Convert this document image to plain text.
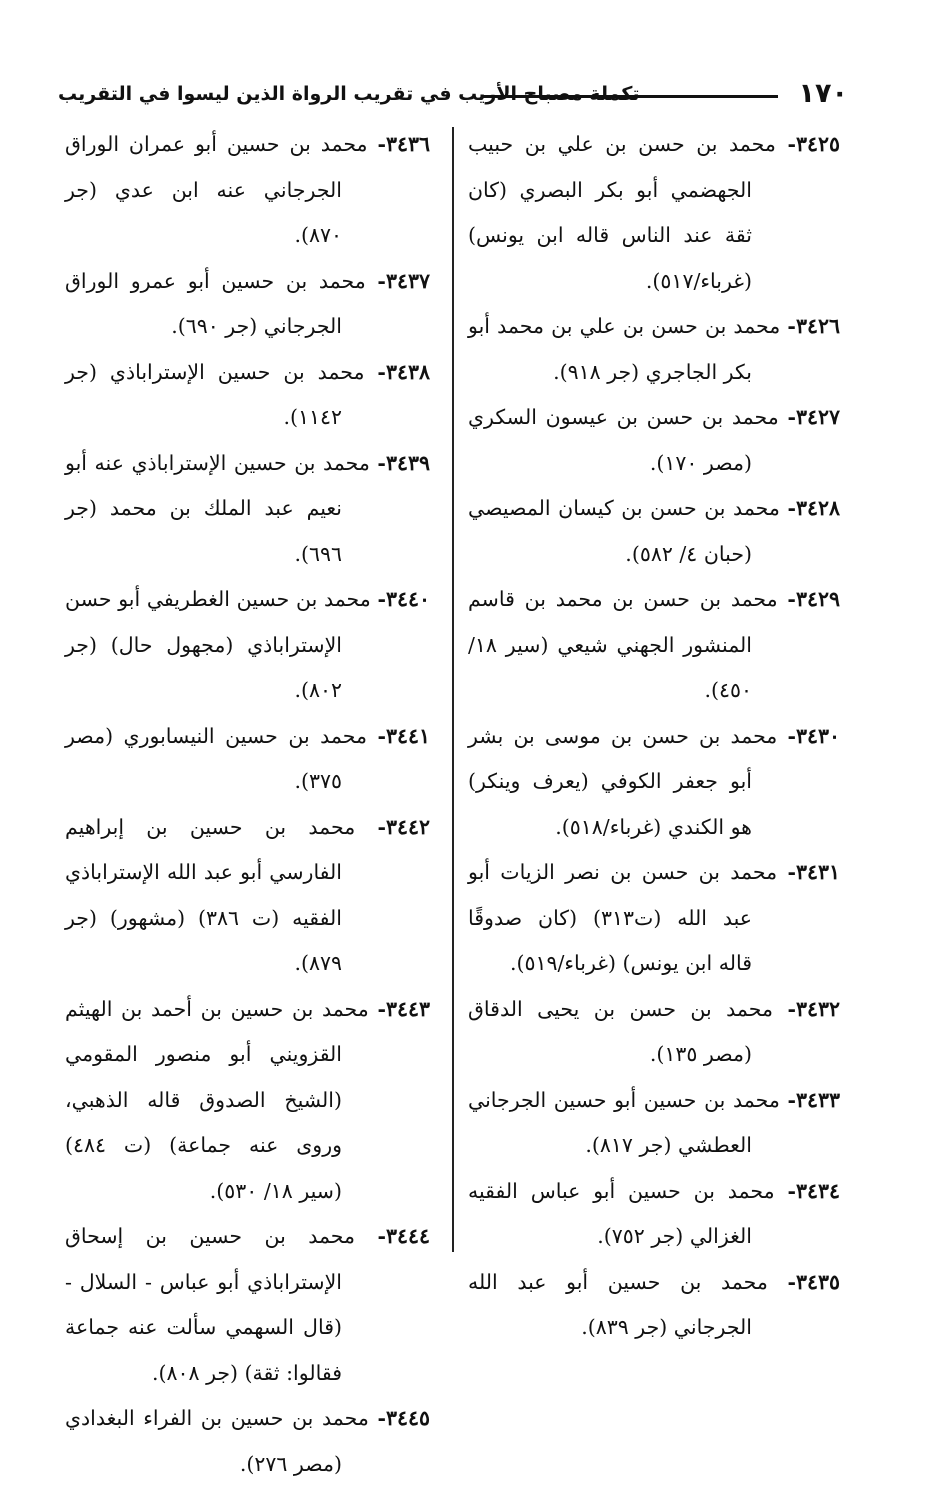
١٧٠
تكملة مصباح الأريب في تقريب الرواة الذين ليسوا في التقريب

٣٤٢٥- محمد بن حسن بن علي بن حبيب الجهضمي أبو بكر البصري (كان ثقة عند الناس قاله ابن يونس) (غرباء/٥١٧).

٣٤٢٦- محمد بن حسن بن علي بن محمد أبو بكر الجاجري (جر ٩١٨).

٣٤٢٧- محمد بن حسن بن عيسون السكري (مصر ١٧٠).

٣٤٢٨- محمد بن حسن بن كيسان المصيصي (حبان ٤/ ٥٨٢).

٣٤٢٩- محمد بن حسن بن محمد بن قاسم المنشور الجهني شيعي (سير ١٨/ ٤٥٠).

٣٤٣٠- محمد بن حسن بن موسى بن بشر أبو جعفر الكوفي (يعرف وينكر) هو الكندي (غرباء/٥١٨).

٣٤٣١- محمد بن حسن بن نصر الزيات أبو عبد الله (ت٣١٣) (كان صدوقًا قاله ابن يونس) (غرباء/٥١٩).

٣٤٣٢- محمد بن حسن بن يحيى الدقاق (مصر ١٣٥).

٣٤٣٣- محمد بن حسين أبو حسين الجرجاني العطشي (جر ٨١٧).

٣٤٣٤- محمد بن حسين أبو عباس الفقيه الغزالي (جر ٧٥٢).

٣٤٣٥- محمد بن حسين أبو عبد الله الجرجاني (جر ٨٣٩).

٣٤٣٦- محمد بن حسين أبو عمران الوراق الجرجاني عنه ابن عدي (جر ٨٧٠).

٣٤٣٧- محمد بن حسين أبو عمرو الوراق الجرجاني (جر ٦٩٠).

٣٤٣٨- محمد بن حسين الإستراباذي (جر ١١٤٢).

٣٤٣٩- محمد بن حسين الإستراباذي عنه أبو نعيم عبد الملك بن محمد (جر ٦٩٦).

٣٤٤٠- محمد بن حسين الغطريفي أبو حسن الإستراباذي (مجهول حال) (جر ٨٠٢).

٣٤٤١- محمد بن حسين النيسابوري (مصر ٣٧٥).

٣٤٤٢- محمد بن حسين بن إبراهيم الفارسي أبو عبد الله الإستراباذي الفقيه (ت ٣٨٦) (مشهور) (جر ٨٧٩).

٣٤٤٣- محمد بن حسين بن أحمد بن الهيثم القزويني أبو منصور المقومي (الشيخ الصدوق قاله الذهبي، وروى عنه جماعة) (ت ٤٨٤) (سير ١٨/ ٥٣٠).

٣٤٤٤- محمد بن حسين بن إسحاق الإستراباذي أبو عباس - السلال - (قال السهمي سألت عنه جماعة فقالوا: ثقة) (جر ٨٠٨).

٣٤٤٥- محمد بن حسين بن الفراء البغدادي (مصر ٢٧٦).
